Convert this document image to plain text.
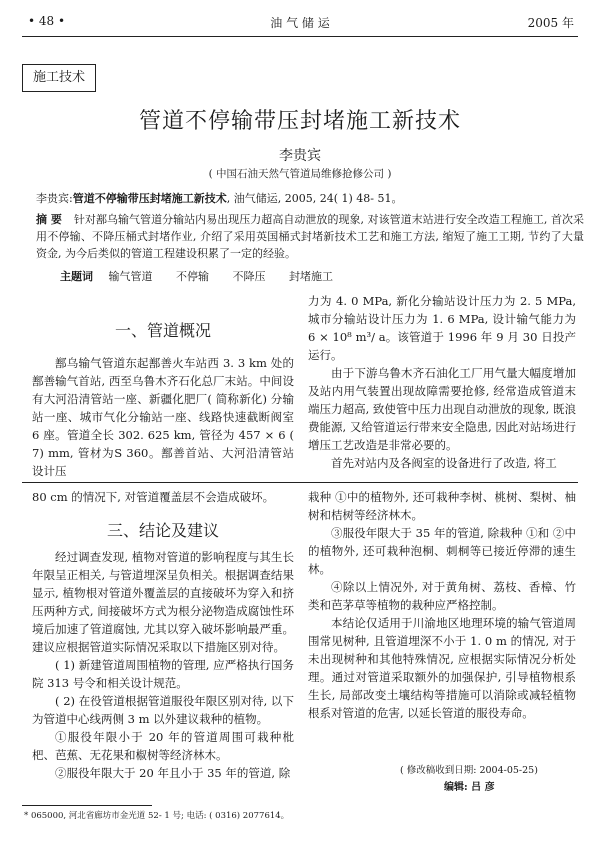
• 48 •	油 气 储 运	2005 年
施工技术
管道不停输带压封堵施工新技术
李贵宾
( 中国石油天然气管道局维修抢修公司 )
李贵宾:管道不停输带压封堵施工新技术, 油气储运, 2005, 24( 1) 48- 51。
摘 要 针对鄯乌输气管道分输站内易出现压力超高自动泄放的现象, 对该管道末站进行安全改造工程施工, 首次采用不停输、不降压桶式封堵作业, 介绍了采用英国桶式封堵新技术工艺和施工方法, 缩短了施工工期, 节约了大量资金, 为今后类似的管道工程建设积累了一定的经验。
主题词 输气管道 不停输 不降压 封堵施工
一、管道概况

鄯乌输气管道东起鄯善火车站西 3. 3 km 处的鄯善输气首站, 西至乌鲁木齐石化总厂末站。中间设有大河沿清管站一座、新疆化肥厂( 简称新化) 分输站一座、城市气化分输站一座、线路快速截断阀室 6 座。管道全长 302. 625 km, 管径为 457 × 6 ( 7) mm, 管材为S 360。鄯善首站、大河沿清管站设计压

力为 4. 0 MPa, 新化分输站设计压力为 2. 5 MPa, 城市分输站设计压力为 1. 6 MPa, 设计输气能力为 6 × 10⁸ m³/ a。该管道于 1996 年 9 月 30 日投产运行。

由于下游乌鲁木齐石油化工厂用气量大幅度增加及站内用气装置出现故障需要抢修, 经常造成管道末端压力超高, 致使管中压力出现自动泄放的现象, 既浪费能源, 又给管道运行带来安全隐患, 因此对站场进行增压工艺改造是非常必要的。

首先对站内及各阀室的设备进行了改造, 将工

80 cm 的情况下, 对管道覆盖层不会造成破坏。

三、结论及建议

经过调查发现, 植物对管道的影响程度与其生长年限呈正相关, 与管道埋深呈负相关。根据调查结果显示, 植物根对管道外覆盖层的直接破坏为穿入和挤压两种方式, 间接破坏方式为根分泌物造成腐蚀性环境后加速了管道腐蚀, 尤其以穿入破坏影响最严重。建议应根据管道实际情况采取以下措施区别对待。

( 1) 新建管道周围植物的管理, 应严格执行国务院 313 号令和相关设计规范。

( 2) 在役管道根据管道服役年限区别对待, 以下为管道中心线两侧 3 m 以外建议栽种的植物。

①服役年限小于 20 年的管道周围可栽种枇杷、芭蕉、无花果和椒树等经济林木。

②服役年限大于 20 年且小于 35 年的管道, 除

栽种 ①中的植物外, 还可栽种李树、桃树、梨树、柚树和桔树等经济林木。

③服役年限大于 35 年的管道, 除栽种 ①和 ②中的植物外, 还可栽种泡桐、刺桐等已接近停滞的速生林。

④除以上情况外, 对于黄角树、荔枝、香樟、竹类和芭茅草等植物的栽种应严格控制。

本结论仅适用于川渝地区地理环境的输气管道周围常见树种, 且管道埋深不小于 1. 0 m 的情况, 对于未出现树种和其他特殊情况, 应根据实际情况分析处理。通过对管道采取额外的加强保护, 引导植物根系生长, 局部改变土壤结构等措施可以消除或减轻植物根系对管道的危害, 以延长管道的服役寿命。

( 修改稿收到日期: 2004-05-25)
编辑: 吕 彦
* 065000, 河北省廊坊市金光道 52- 1 号; 电话: ( 0316) 2077614。
